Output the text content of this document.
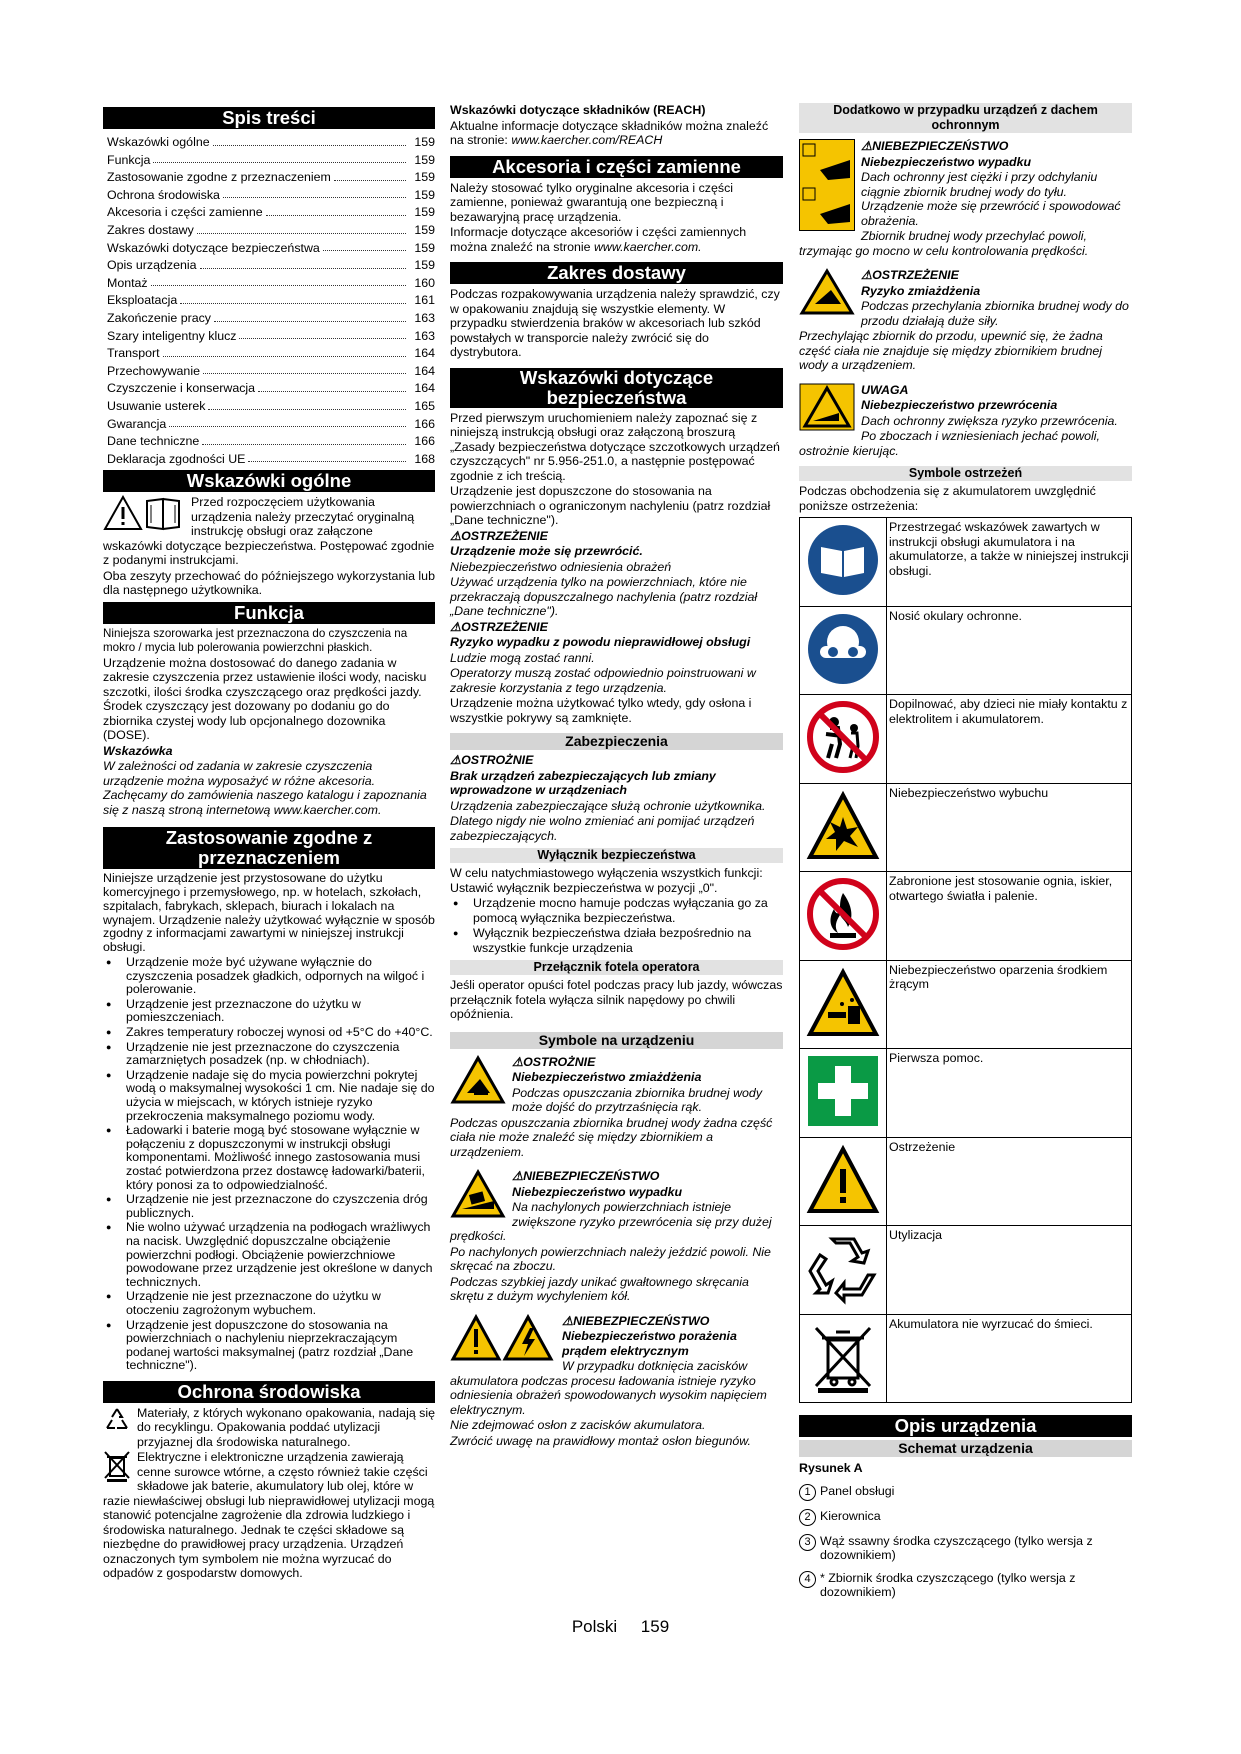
Spis treści
Wskazówki ogólne	159
Funkcja	159
Zastosowanie zgodne z przeznaczeniem	159
Ochrona środowiska	159
Akcesoria i części zamienne	159
Zakres dostawy	159
Wskazówki dotyczące bezpieczeństwa	159
Opis urządzenia	159
Montaż	160
Eksploatacja	161
Zakończenie pracy	163
Szary inteligentny klucz	163
Transport	164
Przechowywanie	164
Czyszczenie i konserwacja	164
Usuwanie usterek	165
Gwarancja	166
Dane techniczne	166
Deklaracja zgodności UE	168
Wskazówki ogólne

Przed rozpoczęciem użytkowania urządzenia należy przeczytać oryginalną instrukcję obsługi oraz załączone wskazówki dotyczące bezpieczeństwa. Postępować zgodnie z podanymi instrukcjami.

Oba zeszyty przechować do późniejszego wykorzystania lub dla następnego użytkownika.

Funkcja

Niniejsza szorowarka jest przeznaczona do czyszczenia na mokro / mycia lub polerowania powierzchni płaskich.

Urządzenie można dostosować do danego zadania w zakresie czyszczenia przez ustawienie ilości wody, nacisku szczotki, ilości środka czyszczącego oraz prędkości jazdy. Środek czyszczący jest dozowany po dodaniu go do zbiornika czystej wody lub opcjonalnego dozownika (DOSE).

Wskazówka

W zależności od zadania w zakresie czyszczenia urządzenie można wyposażyć w różne akcesoria. Zachęcamy do zamówienia naszego katalogu i zapoznania się z naszą stroną internetową www.kaercher.com.

Zastosowanie zgodne z przeznaczeniem

Niniejsze urządzenie jest przystosowane do użytku komercyjnego i przemysłowego, np. w hotelach, szkołach, szpitalach, fabrykach, sklepach, biurach i lokalach na wynajem. Urządzenie należy użytkować wyłącznie w sposób zgodny z informacjami zawartymi w niniejszej instrukcji obsługi.

● Urządzenie może być używane wyłącznie do czyszczenia posadzek gładkich, odpornych na wilgoć i polerowanie.
● Urządzenie jest przeznaczone do użytku w pomieszczeniach.
● Zakres temperatury roboczej wynosi od +5°C do +40°C.
● Urządzenie nie jest przeznaczone do czyszczenia zamarzniętych posadzek (np. w chłodniach).
● Urządzenie nadaje się do mycia powierzchni pokrytej wodą o maksymalnej wysokości 1 cm. Nie nadaje się do użycia w miejscach, w których istnieje ryzyko przekroczenia maksymalnego poziomu wody.
● Ładowarki i baterie mogą być stosowane wyłącznie w połączeniu z dopuszczonymi w instrukcji obsługi komponentami. Możliwość innego zastosowania musi zostać potwierdzona przez dostawcę ładowarki/baterii, który ponosi za to odpowiedzialność.
● Urządzenie nie jest przeznaczone do czyszczenia dróg publicznych.
● Nie wolno używać urządzenia na podłogach wrażliwych na nacisk. Uwzględnić dopuszczalne obciążenie powierzchni podłogi. Obciążenie powierzchniowe powodowane przez urządzenie jest określone w danych technicznych.
● Urządzenie nie jest przeznaczone do użytku w otoczeniu zagrożonym wybuchem.
● Urządzenie jest dopuszczone do stosowania na powierzchniach o nachyleniu nieprzekraczającym podanej wartości maksymalnej (patrz rozdział „Dane techniczne").
Ochrona środowiska

Materiały, z których wykonano opakowania, nadają się do recyklingu. Opakowania poddać utylizacji przyjaznej dla środowiska naturalnego.

Elektryczne i elektroniczne urządzenia zawierają cenne surowce wtórne, a często również takie części składowe jak baterie, akumulatory lub olej, które w razie niewłaściwej obsługi lub nieprawidłowej utylizacji mogą stanowić potencjalne zagrożenie dla zdrowia ludzkiego i środowiska naturalnego. Jednak te części składowe są niezbędne do prawidłowej pracy urządzenia. Urządzeń oznaczonych tym symbolem nie można wyrzucać do odpadów z gospodarstw domowych.

Wskazówki dotyczące składników (REACH)

Aktualne informacje dotyczące składników można znaleźć na stronie: www.kaercher.com/REACH

Akcesoria i części zamienne

Należy stosować tylko oryginalne akcesoria i części zamienne, ponieważ gwarantują one bezpieczną i bezawaryjną pracę urządzenia.

Informacje dotyczące akcesoriów i części zamiennych można znaleźć na stronie www.kaercher.com.

Zakres dostawy

Podczas rozpakowywania urządzenia należy sprawdzić, czy w opakowaniu znajdują się wszystkie elementy. W przypadku stwierdzenia braków w akcesoriach lub szkód powstałych w transporcie należy zwrócić się do dystrybutora.

Wskazówki dotyczące bezpieczeństwa

Przed pierwszym uruchomieniem należy zapoznać się z niniejszą instrukcją obsługi oraz załączoną broszurą „Zasady bezpieczeństwa dotyczące szczotkowych urządzeń czyszczących" nr 5.956-251.0, a następnie postępować zgodnie z ich treścią.

Urządzenie jest dopuszczone do stosowania na powierzchniach o ograniczonym nachyleniu (patrz rozdział „Dane techniczne").

⚠OSTRZEŻENIE

Urządzenie może się przewrócić.

Niebezpieczeństwo odniesienia obrażeń

Używać urządzenia tylko na powierzchniach, które nie przekraczają dopuszczalnego nachylenia (patrz rozdział „Dane techniczne").

⚠OSTRZEŻENIE

Ryzyko wypadku z powodu nieprawidłowej obsługi

Ludzie mogą zostać ranni.

Operatorzy muszą zostać odpowiednio poinstruowani w zakresie korzystania z tego urządzenia.

Urządzenie można użytkować tylko wtedy, gdy osłona i wszystkie pokrywy są zamknięte.

Zabezpieczenia

⚠OSTROŻNIE

Brak urządzeń zabezpieczających lub zmiany wprowadzone w urządzeniach

Urządzenia zabezpieczające służą ochronie użytkownika.

Dlatego nigdy nie wolno zmieniać ani pomijać urządzeń zabezpieczających.

Wyłącznik bezpieczeństwa

W celu natychmiastowego wyłączenia wszystkich funkcji: Ustawić wyłącznik bezpieczeństwa w pozycji „0".

● Urządzenie mocno hamuje podczas wyłączania go za pomocą wyłącznika bezpieczeństwa.
● Wyłącznik bezpieczeństwa działa bezpośrednio na wszystkie funkcje urządzenia
Przełącznik fotela operatora

Jeśli operator opuści fotel podczas pracy lub jazdy, wówczas przełącznik fotela wyłącza silnik napędowy po chwili opóźnienia.

Symbole na urządzeniu

⚠OSTROŻNIE

Niebezpieczeństwo zmiażdżenia

Podczas opuszczania zbiornika brudnej wody może dojść do przytrzaśnięcia rąk.

Podczas opuszczania zbiornika brudnej wody żadna część ciała nie może znaleźć się między zbiornikiem a urządzeniem.

⚠NIEBEZPIECZEŃSTWO

Niebezpieczeństwo wypadku

Na nachylonych powierzchniach istnieje zwiększone ryzyko przewrócenia się przy dużej prędkości.

Po nachylonych powierzchniach należy jeździć powoli. Nie skręcać na zboczu.

Podczas szybkiej jazdy unikać gwałtownego skręcania skrętu z dużym wychyleniem kół.

⚠NIEBEZPIECZEŃSTWO

Niebezpieczeństwo porażenia prądem elektrycznym

W przypadku dotknięcia zacisków akumulatora podczas procesu ładowania istnieje ryzyko odniesienia obrażeń spowodowanych wysokim napięciem elektrycznym.

Nie zdejmować osłon z zacisków akumulatora.

Zwrócić uwagę na prawidłowy montaż osłon biegunów.

Dodatkowo w przypadku urządzeń z dachem ochronnym

⚠NIEBEZPIECZEŃSTWO

Niebezpieczeństwo wypadku

Dach ochronny jest ciężki i przy odchylaniu ciągnie zbiornik brudnej wody do tyłu. Urządzenie może się przewrócić i spowodować obrażenia.

Zbiornik brudnej wody przechylać powoli, trzymając go mocno w celu kontrolowania prędkości.

⚠OSTRZEŻENIE

Ryzyko zmiażdżenia

Podczas przechylania zbiornika brudnej wody do przodu działają duże siły.

Przechylając zbiornik do przodu, upewnić się, że żadna część ciała nie znajduje się między zbiornikiem brudnej wody a urządzeniem.

UWAGA

Niebezpieczeństwo przewrócenia

Dach ochronny zwiększa ryzyko przewrócenia.

Po zboczach i wzniesieniach jechać powoli, ostrożnie kierując.

Symbole ostrzeżeń

Podczas obchodzenia się z akumulatorem uwzględnić poniższe ostrzeżenia:

	Przestrzegać wskazówek zawartych w instrukcji obsługi akumulatora i na akumulatorze, a także w niniejszej instrukcji obsługi.
	Nosić okulary ochronne.
	Dopilnować, aby dzieci nie miały kontaktu z elektrolitem i akumulatorem.
	Niebezpieczeństwo wybuchu
	Zabronione jest stosowanie ognia, iskier, otwartego światła i palenie.
	Niebezpieczeństwo oparzenia środkiem żrącym
	Pierwsza pomoc.
	Ostrzeżenie
	Utylizacja
	Akumulatora nie wyrzucać do śmieci.
Opis urządzenia
Schemat urządzenia

Rysunek A

1 Panel obsługi
2 Kierownica
3 Wąż ssawny środka czyszczącego (tylko wersja z dozownikiem)
4 * Zbiornik środka czyszczącego (tylko wersja z dozownikiem)
Polski 159
